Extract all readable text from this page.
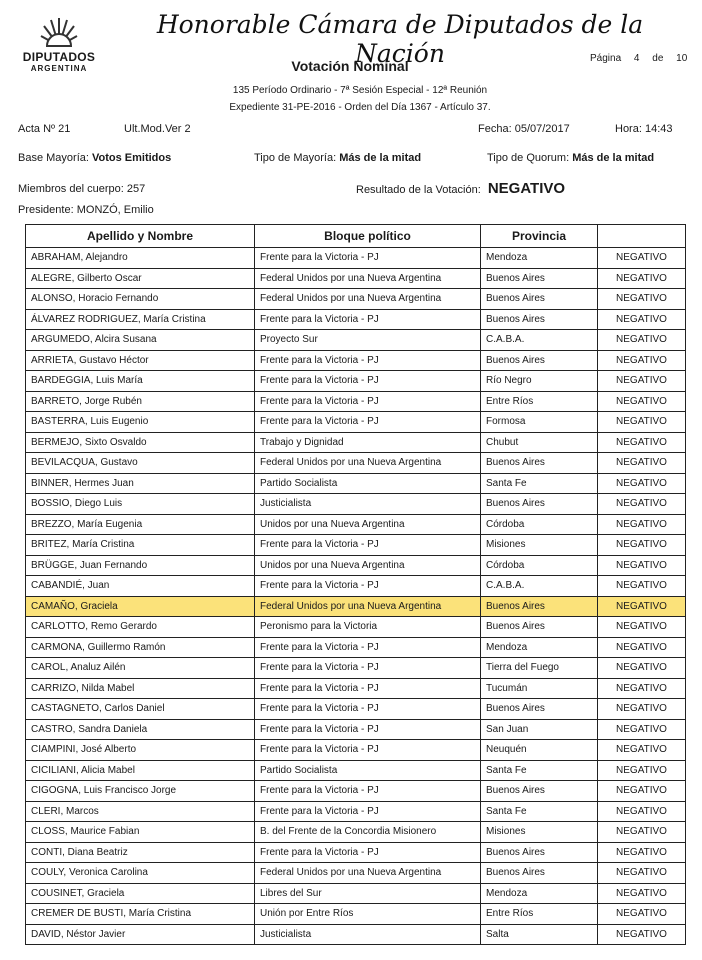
DIPUTADOS
ARGENTINA
Honorable Cámara de Diputados de la Nación
Votación Nominal	Página 4 de 10
135 Período Ordinario - 7ª Sesión Especial - 12ª Reunión
Expediente 31-PE-2016 - Orden del Día 1367 - Artículo 37.
Acta Nº 21	Ult.Mod.Ver 2	Fecha: 05/07/2017	Hora: 14:43
Base Mayoría: Votos Emitidos	Tipo de Mayoría: Más de la mitad	Tipo de Quorum: Más de la mitad
Miembros del cuerpo: 257	Resultado de la Votación: NEGATIVO
Presidente: MONZÓ, Emilio
Apellido y Nombre	Bloque político	Provincia	
ABRAHAM, Alejandro	Frente para la Victoria - PJ	Mendoza	NEGATIVO
ALEGRE, Gilberto Oscar	Federal Unidos por una Nueva Argentina	Buenos Aires	NEGATIVO
ALONSO, Horacio Fernando	Federal Unidos por una Nueva Argentina	Buenos Aires	NEGATIVO
ÁLVAREZ RODRIGUEZ, María Cristina	Frente para la Victoria - PJ	Buenos Aires	NEGATIVO
ARGUMEDO, Alcira Susana	Proyecto Sur	C.A.B.A.	NEGATIVO
ARRIETA, Gustavo Héctor	Frente para la Victoria - PJ	Buenos Aires	NEGATIVO
BARDEGGIA, Luis María	Frente para la Victoria - PJ	Río Negro	NEGATIVO
BARRETO, Jorge Rubén	Frente para la Victoria - PJ	Entre Ríos	NEGATIVO
BASTERRA, Luis Eugenio	Frente para la Victoria - PJ	Formosa	NEGATIVO
BERMEJO, Sixto Osvaldo	Trabajo y Dignidad	Chubut	NEGATIVO
BEVILACQUA, Gustavo	Federal Unidos por una Nueva Argentina	Buenos Aires	NEGATIVO
BINNER, Hermes Juan	Partido Socialista	Santa Fe	NEGATIVO
BOSSIO, Diego Luis	Justicialista	Buenos Aires	NEGATIVO
BREZZO, María Eugenia	Unidos por una Nueva Argentina	Córdoba	NEGATIVO
BRITEZ, María Cristina	Frente para la Victoria - PJ	Misiones	NEGATIVO
BRÜGGE, Juan Fernando	Unidos por una Nueva Argentina	Córdoba	NEGATIVO
CABANDIÉ, Juan	Frente para la Victoria - PJ	C.A.B.A.	NEGATIVO
CAMAÑO, Graciela	Federal Unidos por una Nueva Argentina	Buenos Aires	NEGATIVO
CARLOTTO, Remo Gerardo	Peronismo para la Victoria	Buenos Aires	NEGATIVO
CARMONA, Guillermo Ramón	Frente para la Victoria - PJ	Mendoza	NEGATIVO
CAROL, Analuz Ailén	Frente para la Victoria - PJ	Tierra del Fuego	NEGATIVO
CARRIZO, Nilda Mabel	Frente para la Victoria - PJ	Tucumán	NEGATIVO
CASTAGNETO, Carlos Daniel	Frente para la Victoria - PJ	Buenos Aires	NEGATIVO
CASTRO, Sandra Daniela	Frente para la Victoria - PJ	San Juan	NEGATIVO
CIAMPINI, José Alberto	Frente para la Victoria - PJ	Neuquén	NEGATIVO
CICILIANI, Alicia Mabel	Partido Socialista	Santa Fe	NEGATIVO
CIGOGNA, Luis Francisco Jorge	Frente para la Victoria - PJ	Buenos Aires	NEGATIVO
CLERI, Marcos	Frente para la Victoria - PJ	Santa Fe	NEGATIVO
CLOSS, Maurice Fabian	B. del Frente de la Concordia Misionero	Misiones	NEGATIVO
CONTI, Diana Beatriz	Frente para la Victoria - PJ	Buenos Aires	NEGATIVO
COULY, Veronica Carolina	Federal Unidos por una Nueva Argentina	Buenos Aires	NEGATIVO
COUSINET, Graciela	Libres del Sur	Mendoza	NEGATIVO
CREMER DE BUSTI, María Cristina	Unión por Entre Ríos	Entre Ríos	NEGATIVO
DAVID, Néstor Javier	Justicialista	Salta	NEGATIVO
